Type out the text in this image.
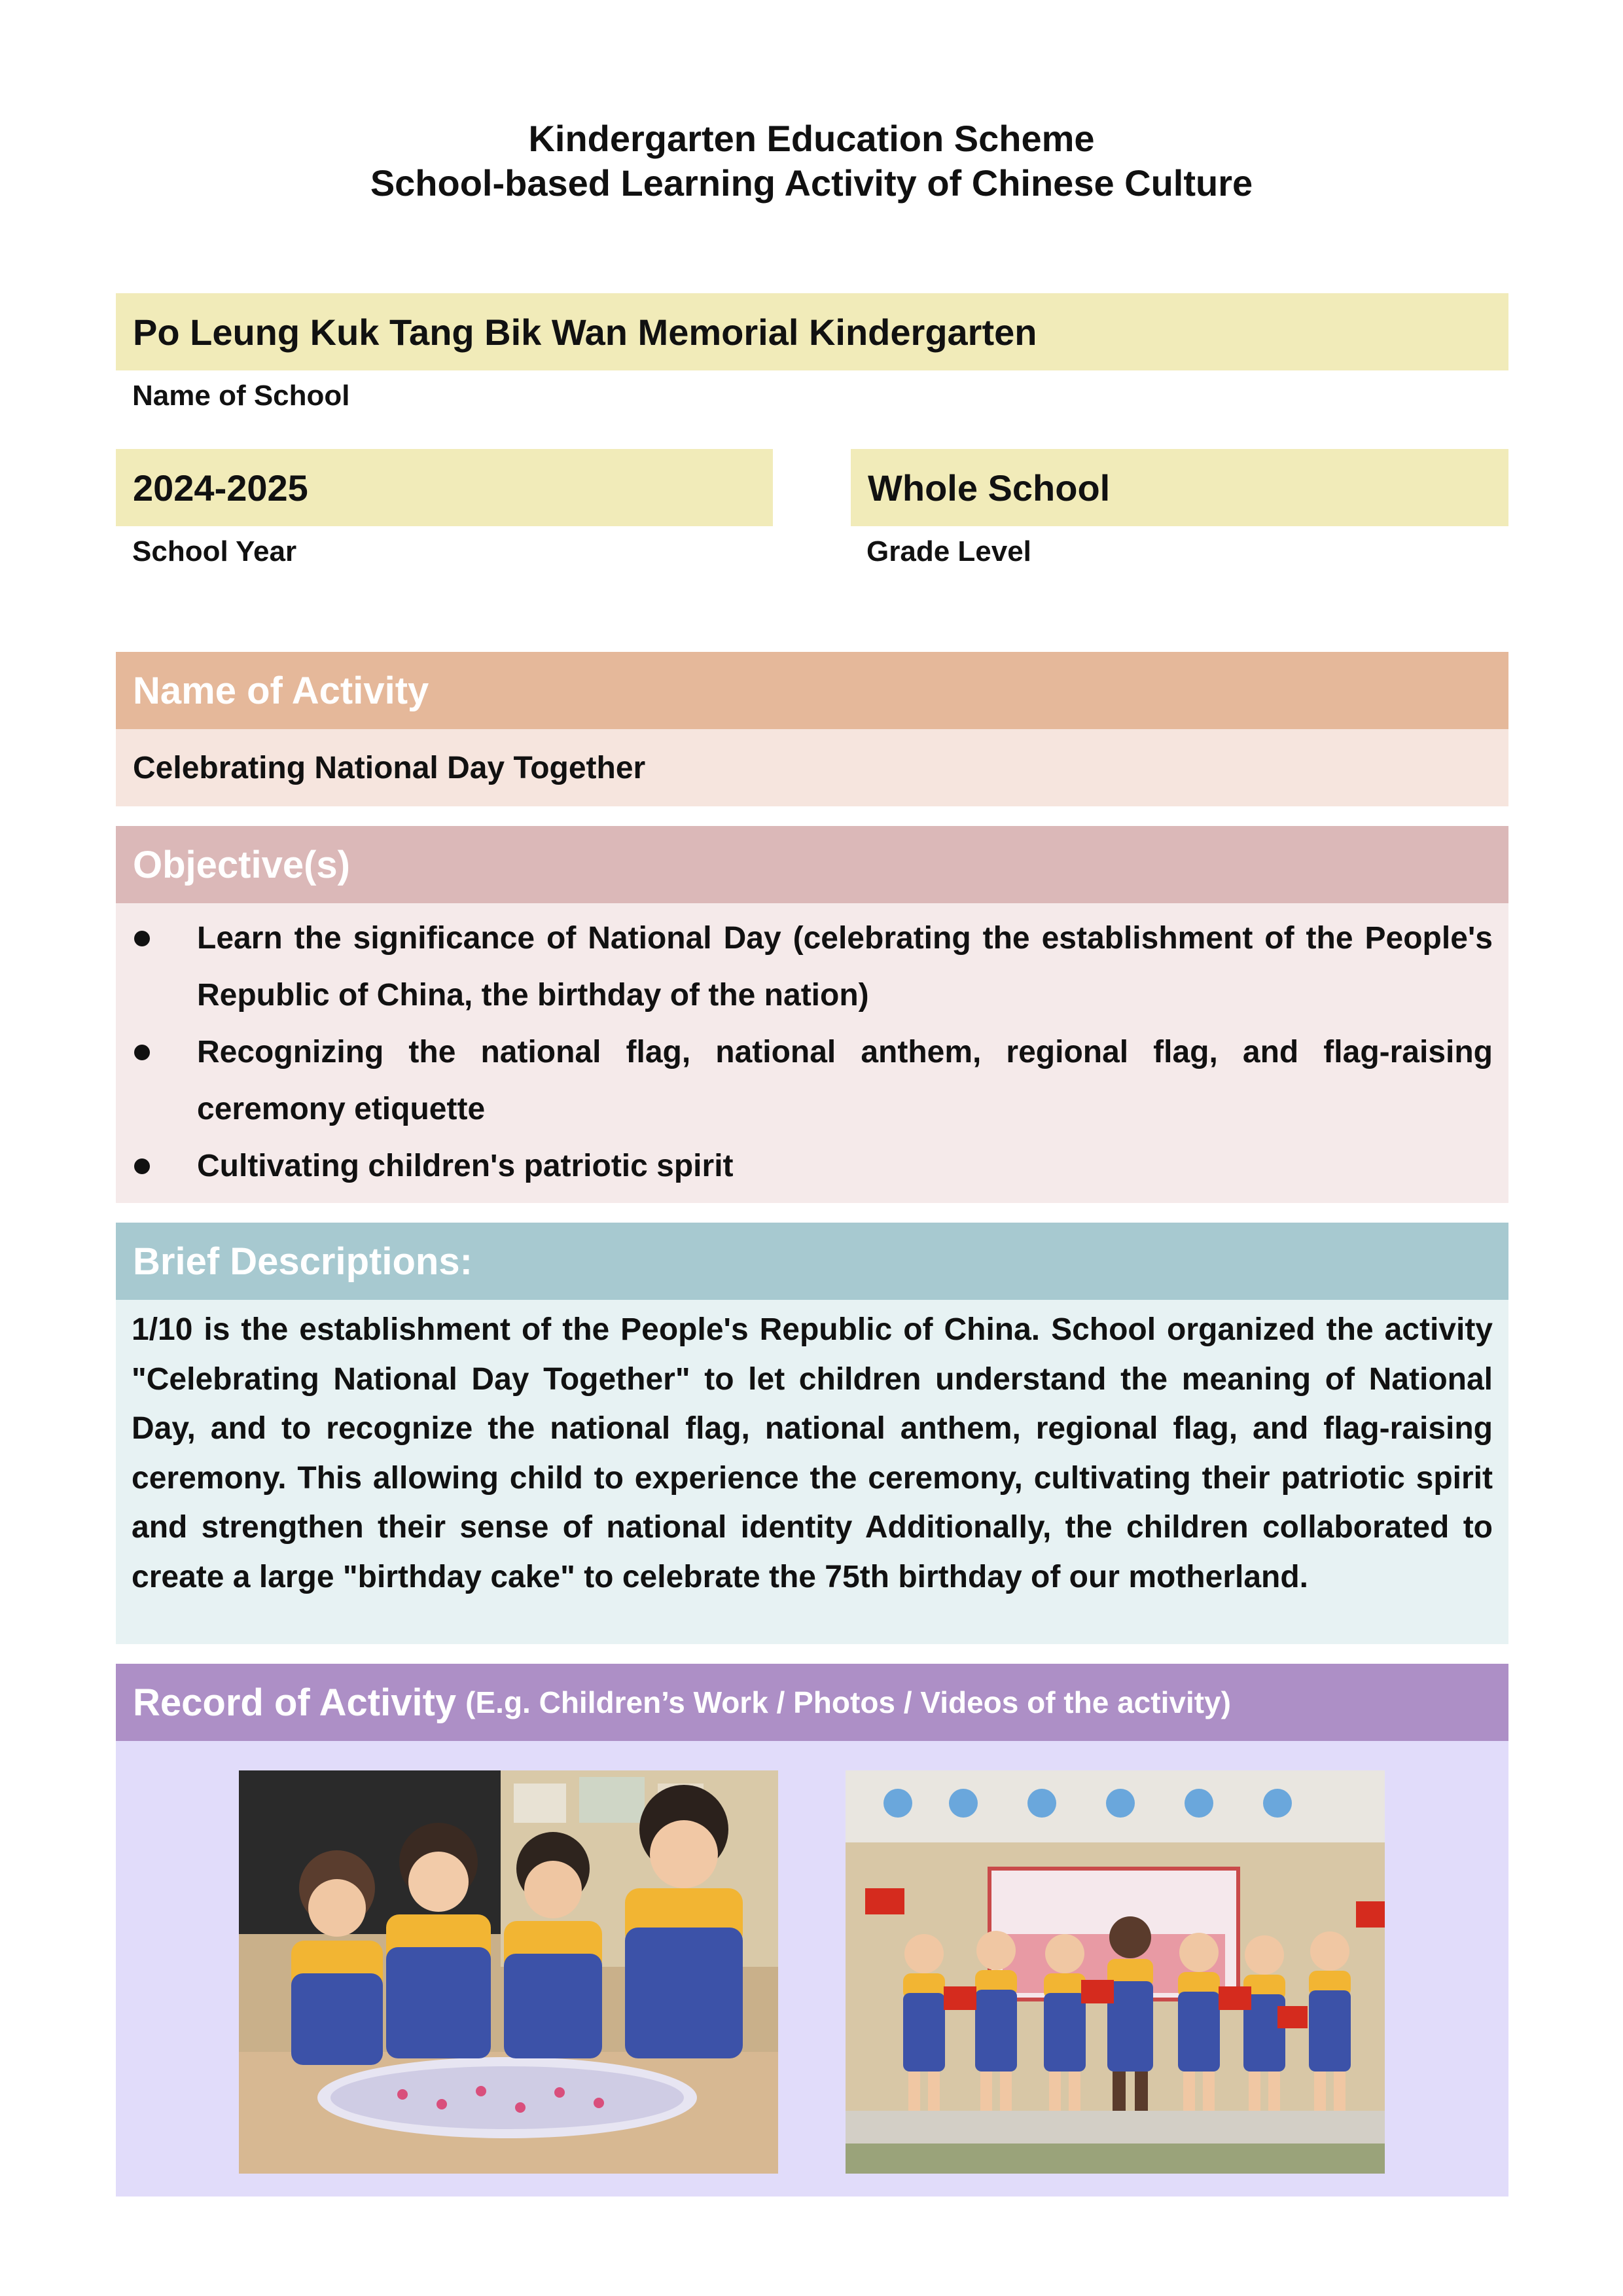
Kindergarten Education Scheme
School-based Learning Activity of Chinese Culture
Po Leung Kuk Tang Bik Wan Memorial Kindergarten
Name of School
2024-2025
School Year
Whole School
Grade Level
Name of Activity
Celebrating National Day Together
Objective(s)
Learn the significance of National Day (celebrating the establishment of the People's Republic of China, the birthday of the nation)
Recognizing the national flag, national anthem, regional flag, and flag-raising ceremony etiquette
Cultivating children's patriotic spirit
Brief Descriptions:
1/10 is the establishment of the People's Republic of China. School organized the activity "Celebrating National Day Together" to let children understand the meaning of National Day, and to recognize the national flag, national anthem, regional flag, and flag-raising ceremony. This allowing child to experience the ceremony, cultivating their patriotic spirit and strengthen their sense of national identity Additionally, the children collaborated to create a large "birthday cake" to celebrate the 75th birthday of our motherland.
Record of Activity (E.g. Children’s Work / Photos / Videos of the activity)
